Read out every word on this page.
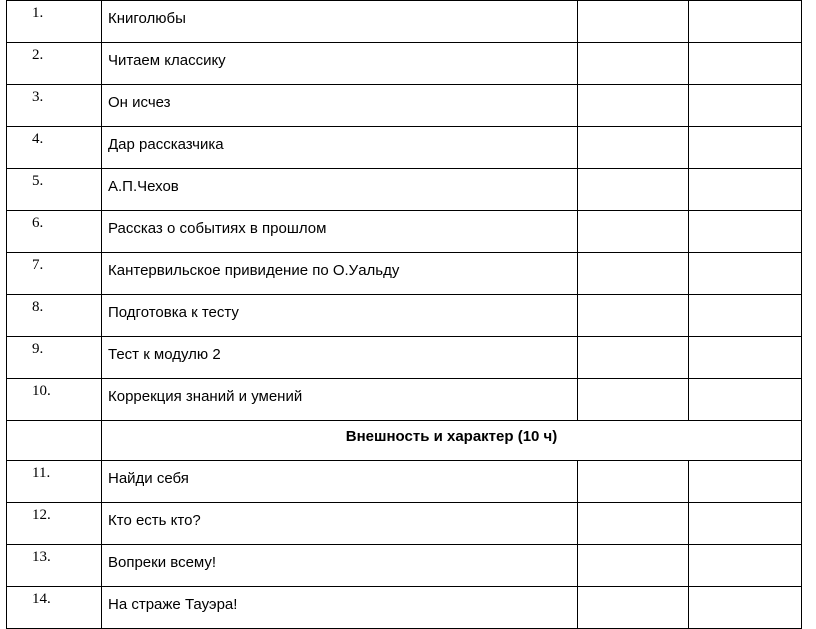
1.	Книголюбы		
2.	Читаем классику		
3.	Он исчез		
4.	Дар рассказчика		
5.	А.П.Чехов		
6.	Рассказ о событиях в прошлом		
7.	Кантервильское привидение по О.Уальду		
8.	Подготовка к тесту		
9.	Тест к модулю 2		
10.	Коррекция знаний и умений		
	Внешность и характер (10 ч)		
11.	Найди себя		
12.	Кто есть кто?		
13.	Вопреки всему!		
14.	На страже Тауэра!		
